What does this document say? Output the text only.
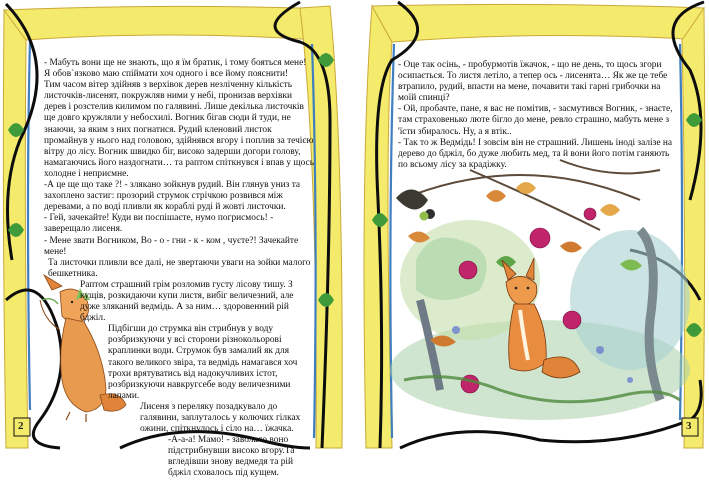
- Мабуть вони ще не знають, що я їм братик, і тому бояться мене!

Я обов`язково маю спіймати хоч одного і все йому пояснити!

Тим часом вітер здійняв з верхівок дерев незліченну кількість листочків-лисенят, покружляв ними у небі, пронизав верхівки дерев і розстелив килимом по галявині. Лише декілька листочків ще довго кружляли у небосхилі. Вогник бігав сюди й туди, не знаючи, за яким з них погнатися. Рудий кленовий листок промайнув у нього над головою, здійнявся вгору і поплив за течією вітру до лісу. Вогник швидко біг, високо задерши догори голову, намагаючись його наздогнати… та раптом спіткнувся і впав у щось холодне і неприємне.

-А це ще що таке ?! - злякано зойкнув рудий. Він глянув униз та захоплено застиг: прозорий струмок стрічкою розвився між деревами, а по воді пливли як кораблі руді й жовті листочки.

- Гей, зачекайте! Куди ви поспішаєте, нумо погрисмось! - заверещало лисеня.

- Мене звати Вогником, Во - о - гни - к - ком , чуєте?! Зачекайте мене!

Та листочки пливли все далі, не звертаючи уваги на зойки малого бешкетника.

Раптом страшний грім розломив густу лісову тишу. З кущів, розкидаючи купи листя, вибіг величезний, але дуже зляканий ведмідь. А за ним… здоровенний рій бджіл.

Підбігши до струмка він стрибнув у воду розбризкуючи у всі сторони різнокольорові краплинки води. Струмок був замалий як для такого великого звіра, та ведмідь намагався хоч трохи врятуватись від надокучливих істот, розбризкуючи навкругсебе воду величезними лапами.

Лисеня з переляку позадкувало до галявини, заплуталось у колючих гілках ожини, спіткнулось і сіло на… їжачка.

-А-а-а! Мамо! - заволало воно підстрибнувши високо вгору.Та вгледівши знову ведмедя та рій бджіл сховалось під кущем.

- Оце так осінь, - пробурмотів їжачок, - що не день, то щось згори осипається. То листя летіло, а тепер ось - лисенята… Як же це тебе втрапило, рудий, впасти на мене, почавити такі гарні грибочки на моїй спинці?

- Ой, пробачте, пане, я вас не помітив, - засмутився Вогник, - знаєте, там страховенько люте бігло до мене, ревло страшно, мабуть мене з 'їсти збиралось. Ну, а я втік..

- Так то ж Ведмідь! І зовсім він не страшний. Лишень іноді залізе на дерево до бджіл, бо дуже любить мед, та й вони його потім ганяють по всьому лісу за крадіжку.

2	3
